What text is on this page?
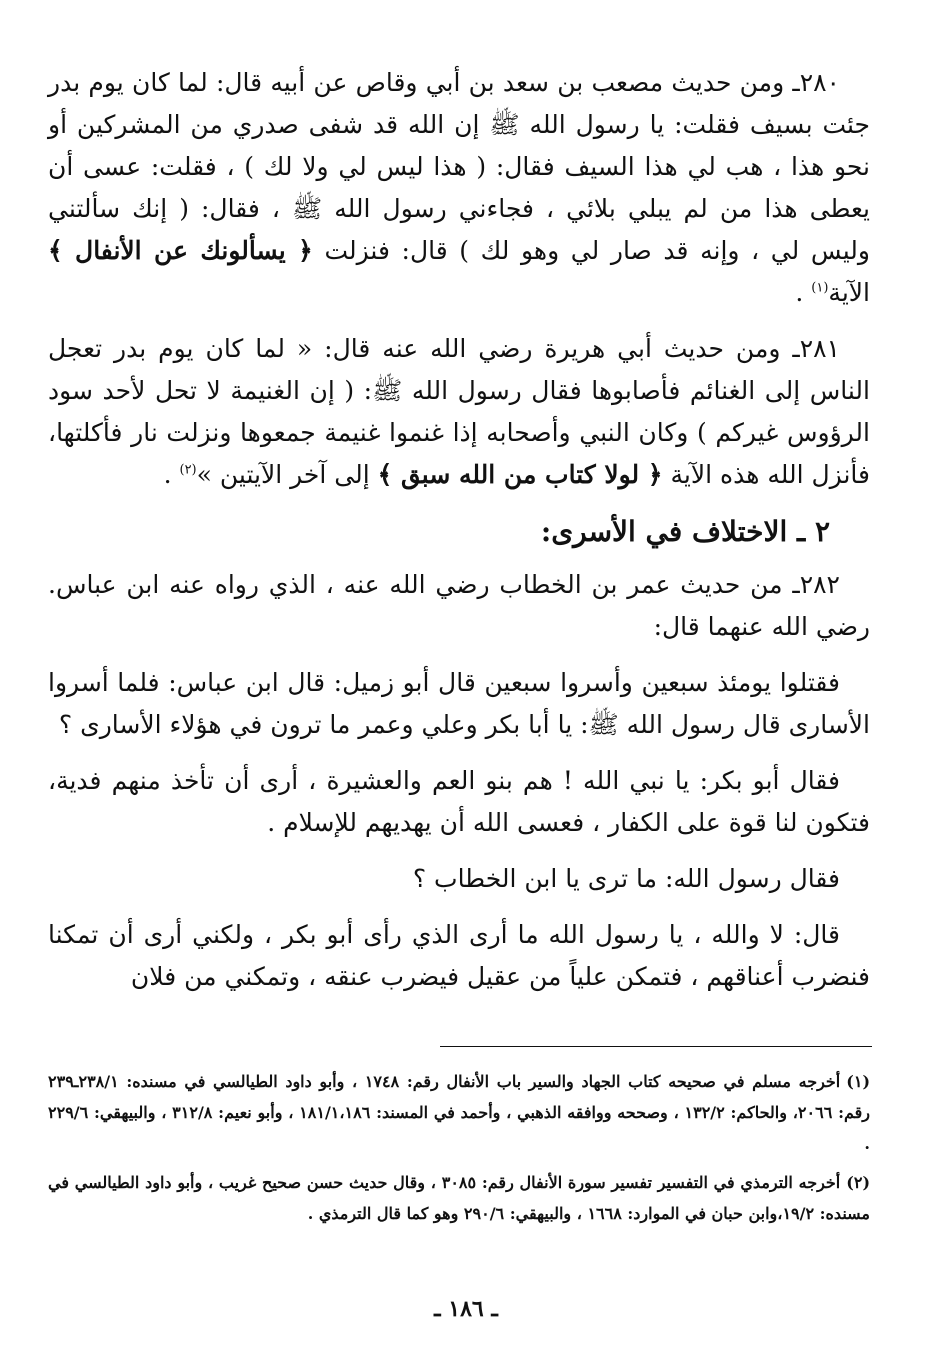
٢٨٠ـ ومن حديث مصعب بن سعد بن أبي وقاص عن أبيه قال: لما كان يوم بدر جئت بسيف فقلت: يا رسول الله ﷺ إن الله قد شفى صدري من المشركين أو نحو هذا ، هب لي هذا السيف فقال: ( هذا ليس لي ولا لك ) ، فقلت: عسى أن يعطى هذا من لم يبلي بلائي ، فجاءني رسول الله ﷺ ، فقال: ( إنك سألتني وليس لي ، وإنه قد صار لي وهو لك ) قال: فنزلت ﴿ يسألونك عن الأنفال ﴾ الآية$^{(١)}$ .

٢٨١ـ ومن حديث أبي هريرة رضي الله عنه قال: « لما كان يوم بدر تعجل الناس إلى الغنائم فأصابوها فقال رسول الله ﷺ: ( إن الغنيمة لا تحل لأحد سود الرؤوس غيركم ) وكان النبي وأصحابه إذا غنموا غنيمة جمعوها ونزلت نار فأكلتها، فأنزل الله هذه الآية ﴿ لولا كتاب من الله سبق ﴾ إلى آخر الآيتين »$^{(٢)}$ .

٢ ـ الاختلاف في الأسرى:

٢٨٢ـ من حديث عمر بن الخطاب رضي الله عنه ، الذي رواه عنه ابن عباس. رضي الله عنهما قال:

فقتلوا يومئذ سبعين وأسروا سبعين قال أبو زميل: قال ابن عباس: فلما أسروا الأسارى قال رسول الله ﷺ: يا أبا بكر وعلي وعمر ما ترون في هؤلاء الأسارى ؟

فقال أبو بكر: يا نبي الله ! هم بنو العم والعشيرة ، أرى أن تأخذ منهم فدية، فتكون لنا قوة على الكفار ، فعسى الله أن يهديهم للإسلام .

فقال رسول الله: ما ترى يا ابن الخطاب ؟

قال: لا والله ، يا رسول الله ما أرى الذي رأى أبو بكر ، ولكني أرى أن تمكنا فنضرب أعناقهم ، فتمكن علياً من عقيل فيضرب عنقه ، وتمكني من فلان

(١)أخرجه مسلم في صحيحه كتاب الجهاد والسير باب الأنفال رقم: ١٧٤٨ ، وأبو داود الطيالسي في مسنده: ٢٣٨/١ـ٢٣٩ رقم: ٢٠٦٦، والحاكم: ١٣٢/٢ ، وصححه ووافقه الذهبي ، وأحمد في المسند: ١٨١/١،١٨٦ ، وأبو نعيم: ٣١٢/٨ ، والبيهقي: ٢٢٩/٦ .

(٢)أخرجه الترمذي في التفسير تفسير سورة الأنفال رقم: ٣٠٨٥ ، وقال حديث حسن صحيح غريب ، وأبو داود الطيالسي في مسنده: ١٩/٢،وابن حبان في الموارد: ١٦٦٨ ، والبيهقي: ٢٩٠/٦ وهو كما قال الترمذي .

ـ ١٨٦ ـ
